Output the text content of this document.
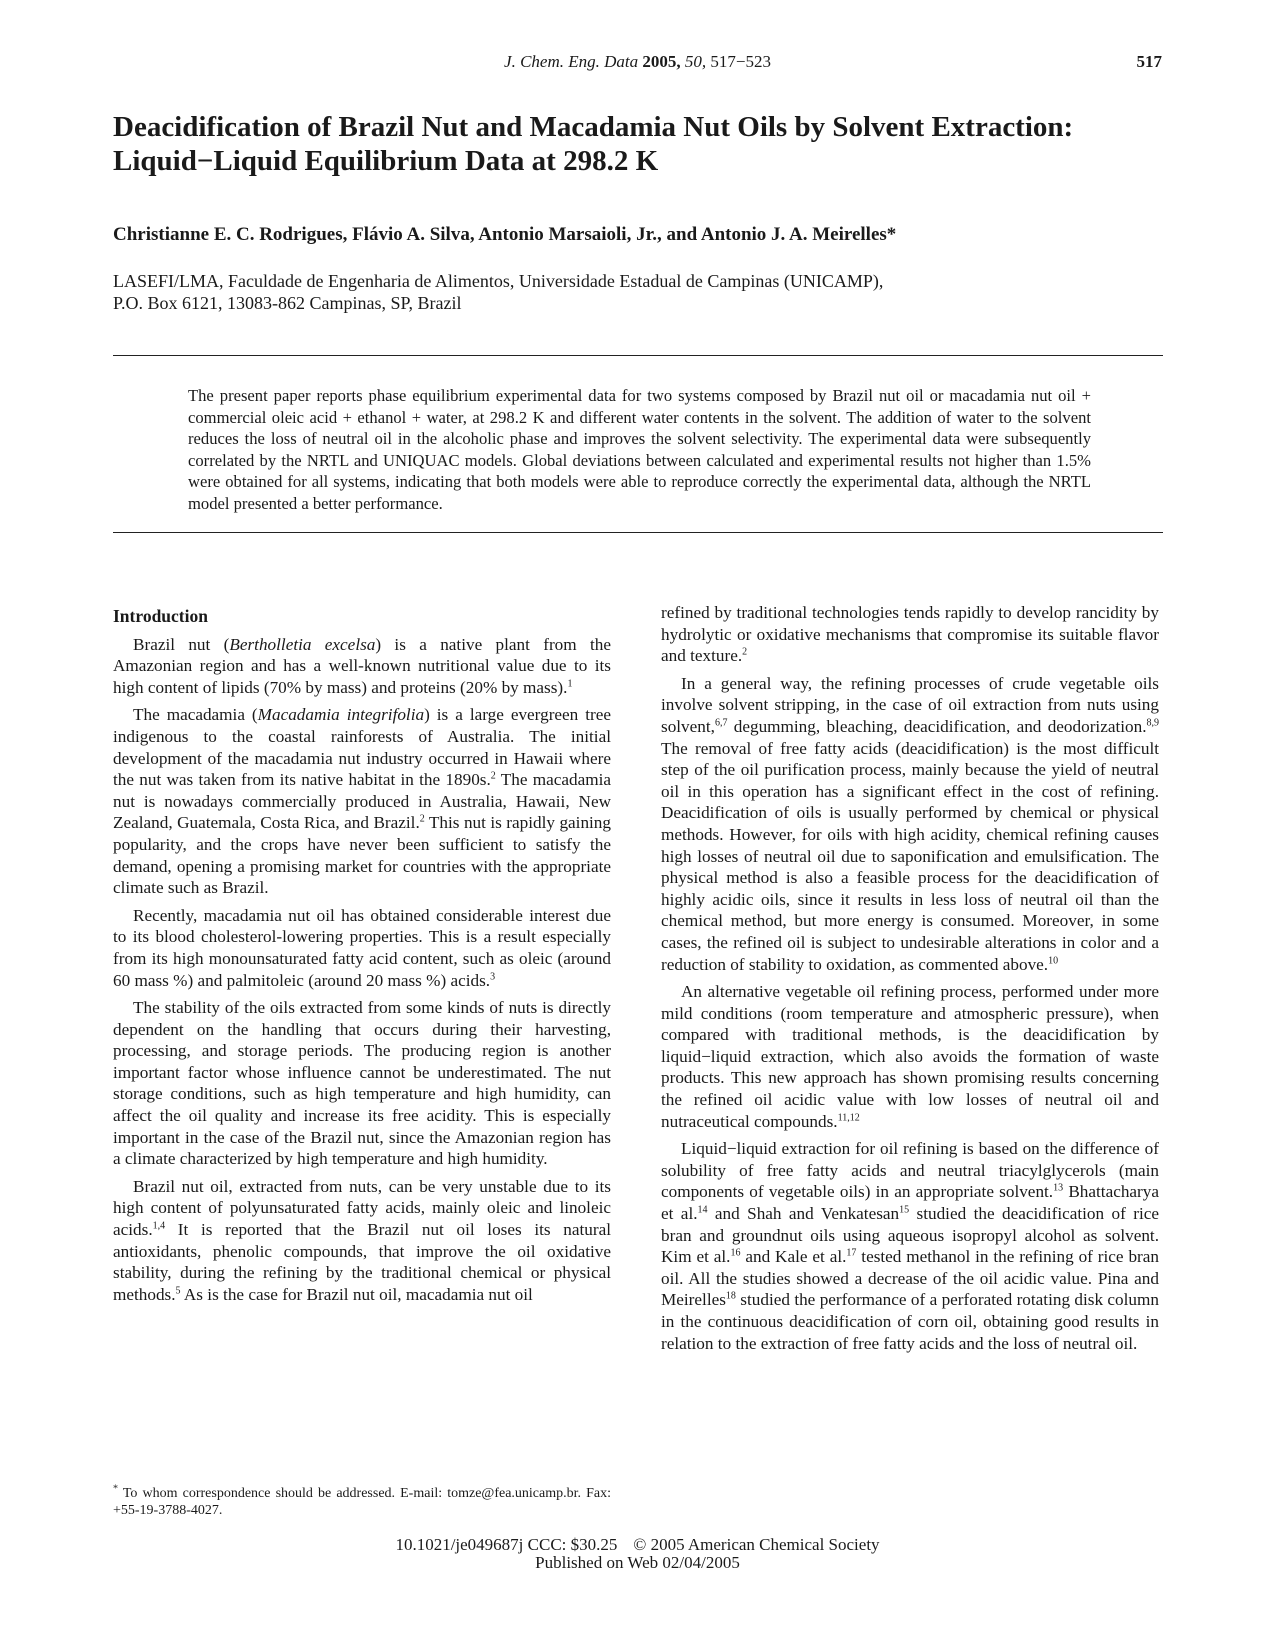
J. Chem. Eng. Data 2005, 50, 517−523	517
Deacidification of Brazil Nut and Macadamia Nut Oils by Solvent Extraction: Liquid−Liquid Equilibrium Data at 298.2 K

Christianne E. C. Rodrigues, Flávio A. Silva, Antonio Marsaioli, Jr., and Antonio J. A. Meirelles*

LASEFI/LMA, Faculdade de Engenharia de Alimentos, Universidade Estadual de Campinas (UNICAMP),
P.O. Box 6121, 13083-862 Campinas, SP, Brazil

The present paper reports phase equilibrium experimental data for two systems composed by Brazil nut oil or macadamia nut oil + commercial oleic acid + ethanol + water, at 298.2 K and different water contents in the solvent. The addition of water to the solvent reduces the loss of neutral oil in the alcoholic phase and improves the solvent selectivity. The experimental data were subsequently correlated by the NRTL and UNIQUAC models. Global deviations between calculated and experimental results not higher than 1.5% were obtained for all systems, indicating that both models were able to reproduce correctly the experimental data, although the NRTL model presented a better performance.

Introduction

Brazil nut (Bertholletia excelsa) is a native plant from the Amazonian region and has a well-known nutritional value due to its high content of lipids (70% by mass) and proteins (20% by mass).$^1$

The macadamia (Macadamia integrifolia) is a large evergreen tree indigenous to the coastal rainforests of Australia. The initial development of the macadamia nut industry occurred in Hawaii where the nut was taken from its native habitat in the 1890s.$^2$ The macadamia nut is nowadays commercially produced in Australia, Hawaii, New Zealand, Guatemala, Costa Rica, and Brazil.$^2$ This nut is rapidly gaining popularity, and the crops have never been sufficient to satisfy the demand, opening a promising market for countries with the appropriate climate such as Brazil.

Recently, macadamia nut oil has obtained considerable interest due to its blood cholesterol-lowering properties. This is a result especially from its high monounsaturated fatty acid content, such as oleic (around 60 mass %) and palmitoleic (around 20 mass %) acids.$^3$

The stability of the oils extracted from some kinds of nuts is directly dependent on the handling that occurs during their harvesting, processing, and storage periods. The producing region is another important factor whose influence cannot be underestimated. The nut storage conditions, such as high temperature and high humidity, can affect the oil quality and increase its free acidity. This is especially important in the case of the Brazil nut, since the Amazonian region has a climate characterized by high temperature and high humidity.

Brazil nut oil, extracted from nuts, can be very unstable due to its high content of polyunsaturated fatty acids, mainly oleic and linoleic acids.$^{1,4}$ It is reported that the Brazil nut oil loses its natural antioxidants, phenolic compounds, that improve the oil oxidative stability, during the refining by the traditional chemical or physical methods.$^5$ As is the case for Brazil nut oil, macadamia nut oil

* To whom correspondence should be addressed. E-mail: tomze@fea.unicamp.br. Fax: +55-19-3788-4027.

refined by traditional technologies tends rapidly to develop rancidity by hydrolytic or oxidative mechanisms that compromise its suitable flavor and texture.$^2$

In a general way, the refining processes of crude vegetable oils involve solvent stripping, in the case of oil extraction from nuts using solvent,$^{6,7}$ degumming, bleaching, deacidification, and deodorization.$^{8,9}$ The removal of free fatty acids (deacidification) is the most difficult step of the oil purification process, mainly because the yield of neutral oil in this operation has a significant effect in the cost of refining. Deacidification of oils is usually performed by chemical or physical methods. However, for oils with high acidity, chemical refining causes high losses of neutral oil due to saponification and emulsification. The physical method is also a feasible process for the deacidification of highly acidic oils, since it results in less loss of neutral oil than the chemical method, but more energy is consumed. Moreover, in some cases, the refined oil is subject to undesirable alterations in color and a reduction of stability to oxidation, as commented above.$^{10}$

An alternative vegetable oil refining process, performed under more mild conditions (room temperature and atmospheric pressure), when compared with traditional methods, is the deacidification by liquid−liquid extraction, which also avoids the formation of waste products. This new approach has shown promising results concerning the refined oil acidic value with low losses of neutral oil and nutraceutical compounds.$^{11,12}$

Liquid−liquid extraction for oil refining is based on the difference of solubility of free fatty acids and neutral triacylglycerols (main components of vegetable oils) in an appropriate solvent.$^{13}$ Bhattacharya et al.$^{14}$ and Shah and Venkatesan$^{15}$ studied the deacidification of rice bran and groundnut oils using aqueous isopropyl alcohol as solvent. Kim et al.$^{16}$ and Kale et al.$^{17}$ tested methanol in the refining of rice bran oil. All the studies showed a decrease of the oil acidic value. Pina and Meirelles$^{18}$ studied the performance of a perforated rotating disk column in the continuous deacidification of corn oil, obtaining good results in relation to the extraction of free fatty acids and the loss of neutral oil.

10.1021/je049687j CCC: $30.25 © 2005 American Chemical Society
Published on Web 02/04/2005
